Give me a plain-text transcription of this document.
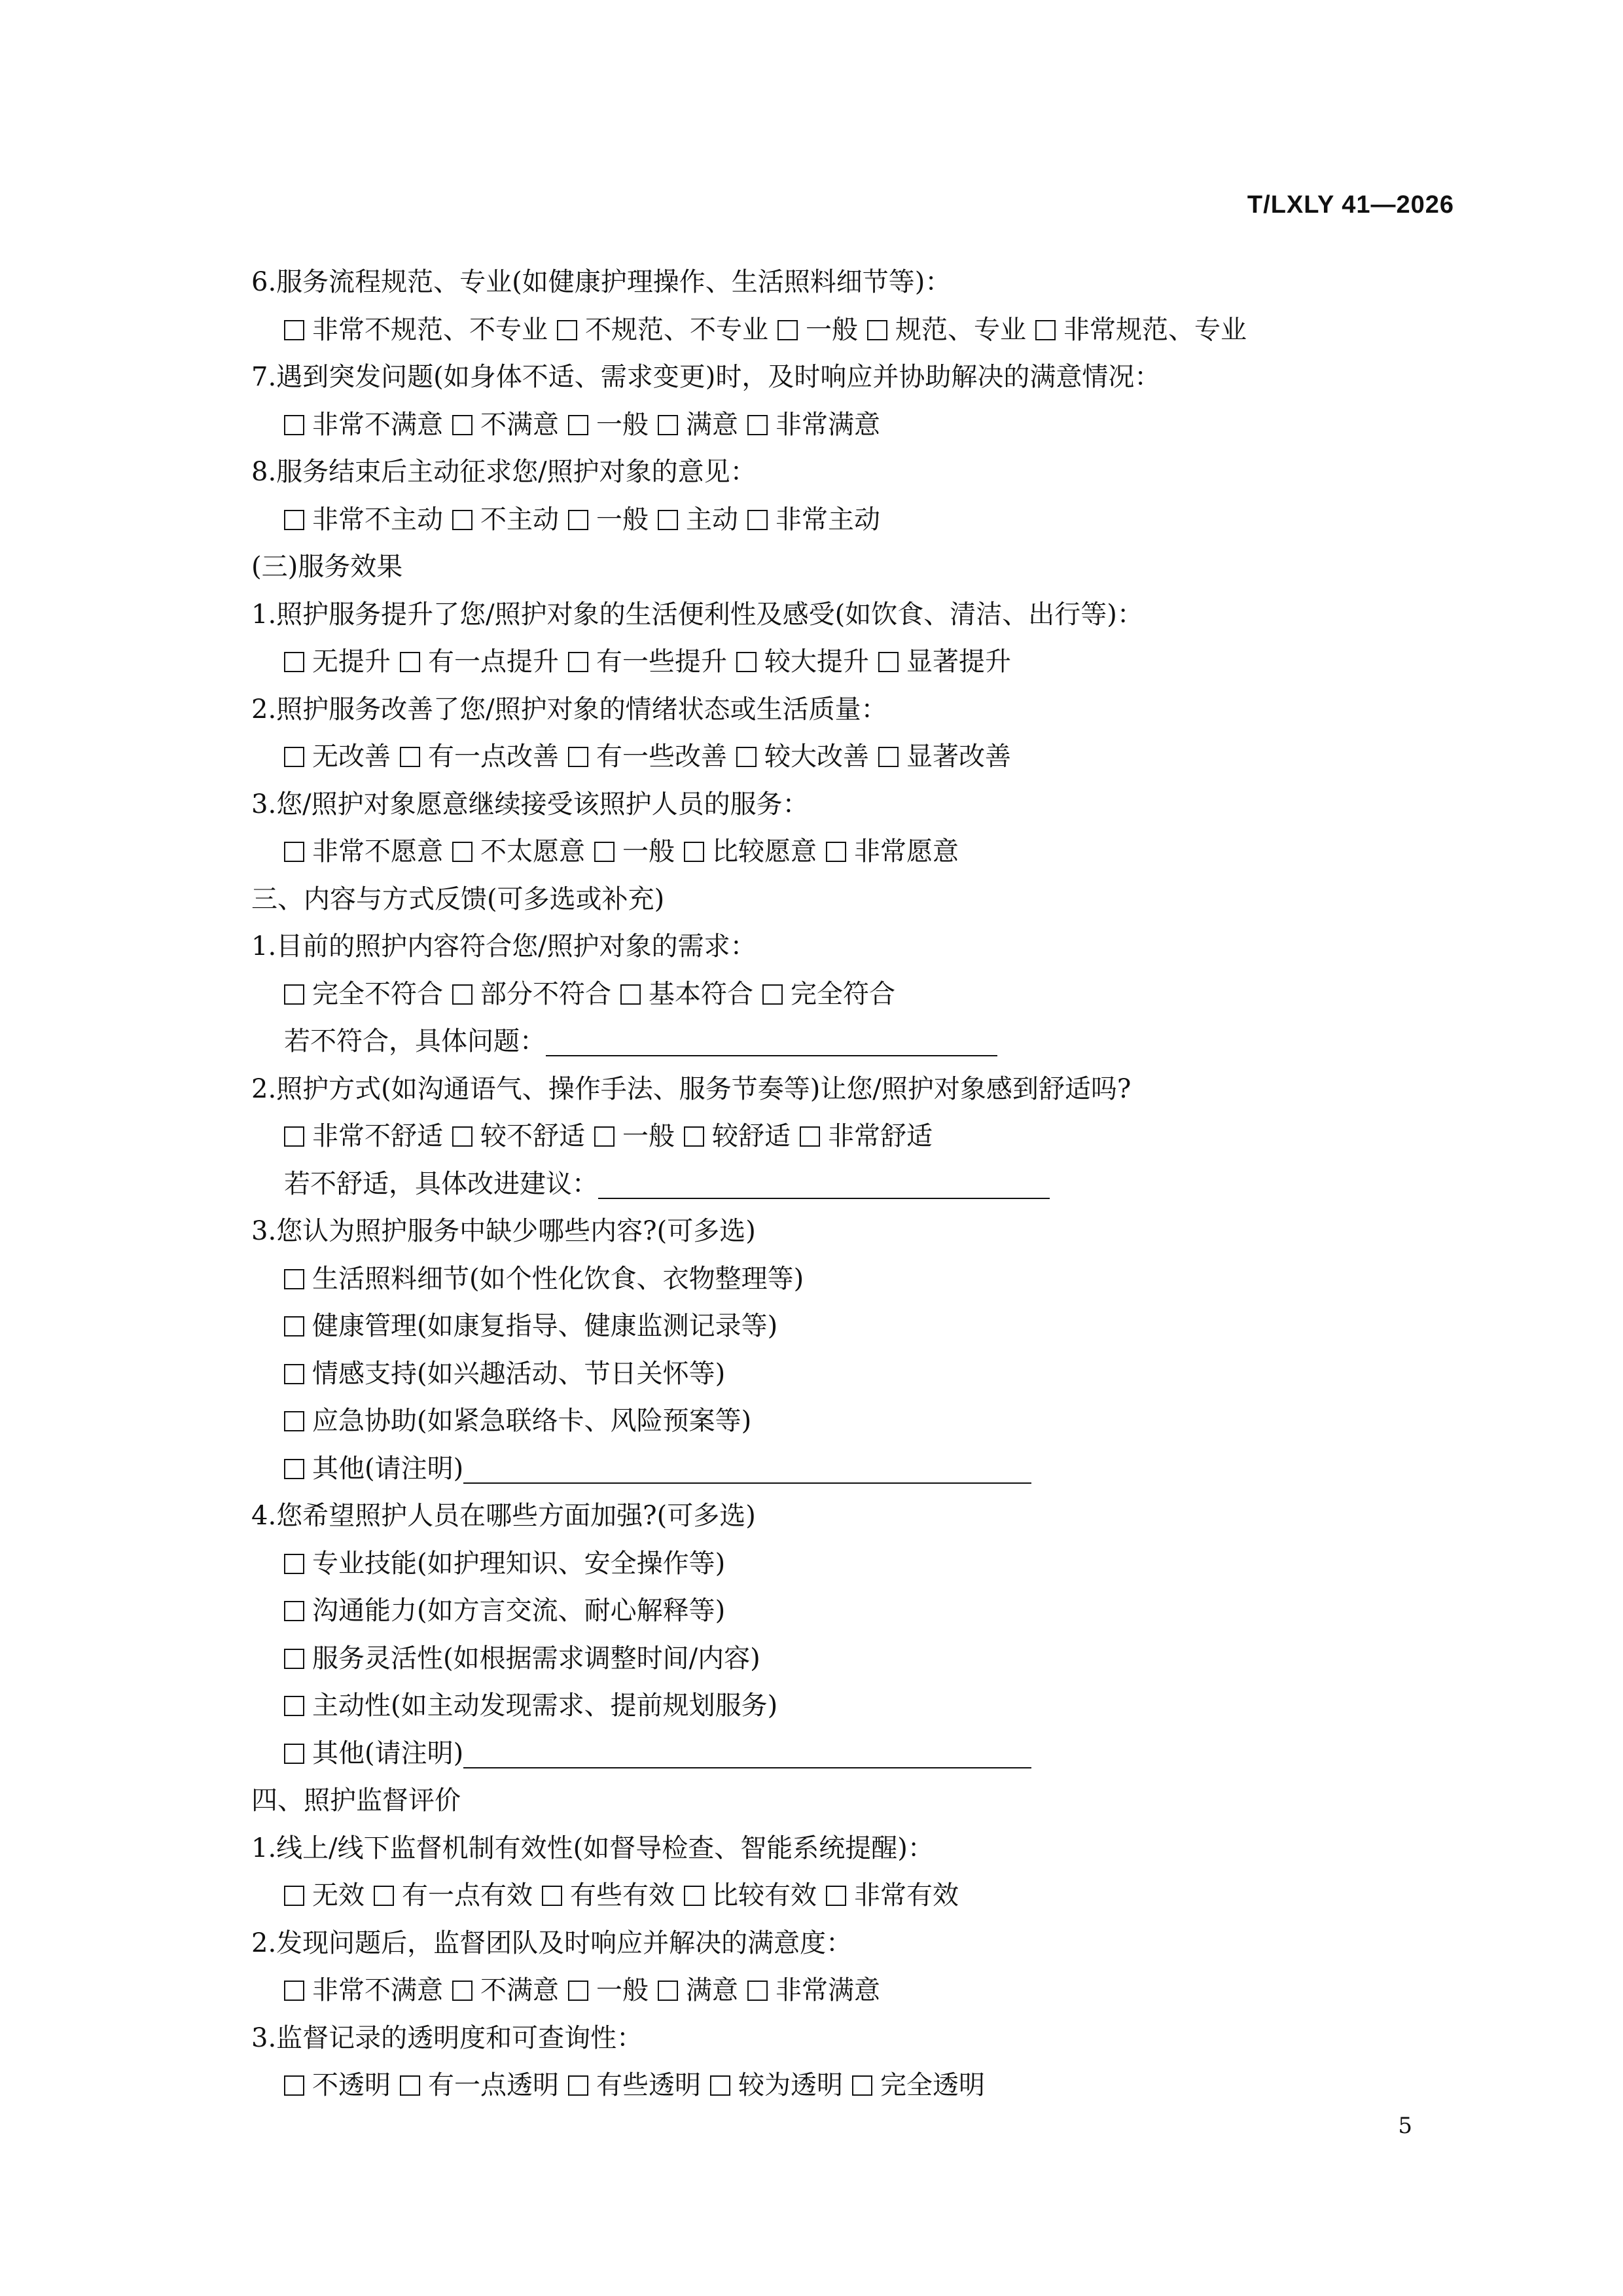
T/LXLY 41—2026
6.服务流程规范、专业(如健康护理操作、生活照料细节等)：
非常不规范、不专业 不规范、不专业 一般 规范、专业 非常规范、专业
7.遇到突发问题(如身体不适、需求变更)时，及时响应并协助解决的满意情况：
非常不满意 不满意 一般 满意 非常满意
8.服务结束后主动征求您/照护对象的意见：
非常不主动 不主动 一般 主动 非常主动
(三)服务效果
1.照护服务提升了您/照护对象的生活便利性及感受(如饮食、清洁、出行等)：
无提升 有一点提升 有一些提升 较大提升 显著提升
2.照护服务改善了您/照护对象的情绪状态或生活质量：
无改善 有一点改善 有一些改善 较大改善 显著改善
3.您/照护对象愿意继续接受该照护人员的服务：
非常不愿意 不太愿意 一般 比较愿意 非常愿意
三、内容与方式反馈(可多选或补充)
1.目前的照护内容符合您/照护对象的需求：
完全不符合 部分不符合 基本符合 完全符合
若不符合，具体问题：
2.照护方式(如沟通语气、操作手法、服务节奏等)让您/照护对象感到舒适吗?
非常不舒适 较不舒适 一般 较舒适 非常舒适
若不舒适，具体改进建议：
3.您认为照护服务中缺少哪些内容?(可多选)
生活照料细节(如个性化饮食、衣物整理等)
健康管理(如康复指导、健康监测记录等)
情感支持(如兴趣活动、节日关怀等)
应急协助(如紧急联络卡、风险预案等)
其他(请注明)
4.您希望照护人员在哪些方面加强?(可多选)
专业技能(如护理知识、安全操作等)
沟通能力(如方言交流、耐心解释等)
服务灵活性(如根据需求调整时间/内容)
主动性(如主动发现需求、提前规划服务)
其他(请注明)
四、照护监督评价
1.线上/线下监督机制有效性(如督导检查、智能系统提醒)：
无效 有一点有效 有些有效 比较有效 非常有效
2.发现问题后，监督团队及时响应并解决的满意度：
非常不满意 不满意 一般 满意 非常满意
3.监督记录的透明度和可查询性：
不透明 有一点透明 有些透明 较为透明 完全透明
5
